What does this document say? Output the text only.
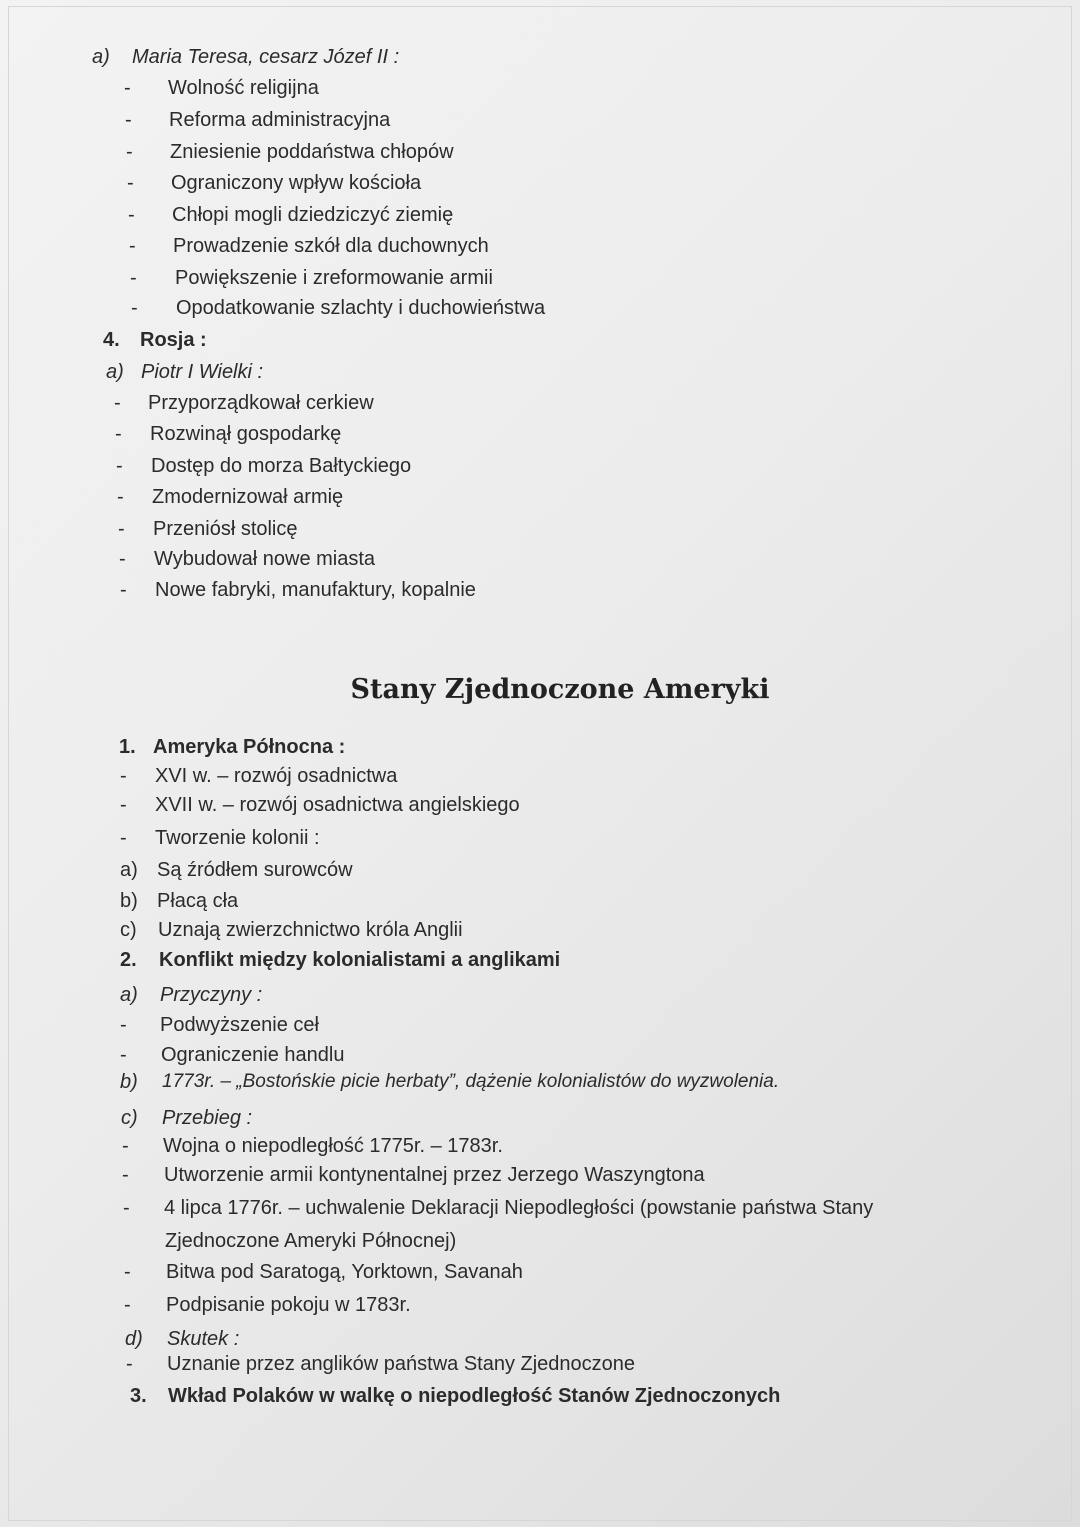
a) Maria Teresa, cesarz Józef II :
- Wolność religijna
- Reforma administracyjna
- Zniesienie poddaństwa chłopów
- Ograniczony wpływ kościoła
- Chłopi mogli dziedziczyć ziemię
- Prowadzenie szkół dla duchownych
- Powiększenie i zreformowanie armii
- Opodatkowanie szlachty i duchowieństwa
4. Rosja :
a) Piotr I Wielki :
- Przyporządkował cerkiew
- Rozwinął gospodarkę
- Dostęp do morza Bałtyckiego
- Zmodernizował armię
- Przeniósł stolicę
- Wybudował nowe miasta
- Nowe fabryki, manufaktury, kopalnie
Stany Zjednoczone Ameryki
1. Ameryka Północna :
- XVI w. – rozwój osadnictwa
- XVII w. – rozwój osadnictwa angielskiego
- Tworzenie kolonii :
a) Są źródłem surowców
b) Płacą cła
c) Uznają zwierzchnictwo króla Anglii
2. Konflikt między kolonialistami a anglikami
a) Przyczyny :
- Podwyższenie ceł
- Ograniczenie handlu
b) 1773r. – „Bostońskie picie herbaty”, dążenie kolonialistów do wyzwolenia.
c) Przebieg :
- Wojna o niepodległość 1775r. – 1783r.
- Utworzenie armii kontynentalnej przez Jerzego Waszyngtona
- 4 lipca 1776r. – uchwalenie Deklaracji Niepodległości (powstanie państwa Stany
Zjednoczone Ameryki Północnej)
- Bitwa pod Saratogą, Yorktown, Savanah
- Podpisanie pokoju w 1783r.
d) Skutek :
- Uznanie przez anglików państwa Stany Zjednoczone
3. Wkład Polaków w walkę o niepodległość Stanów Zjednoczonych
